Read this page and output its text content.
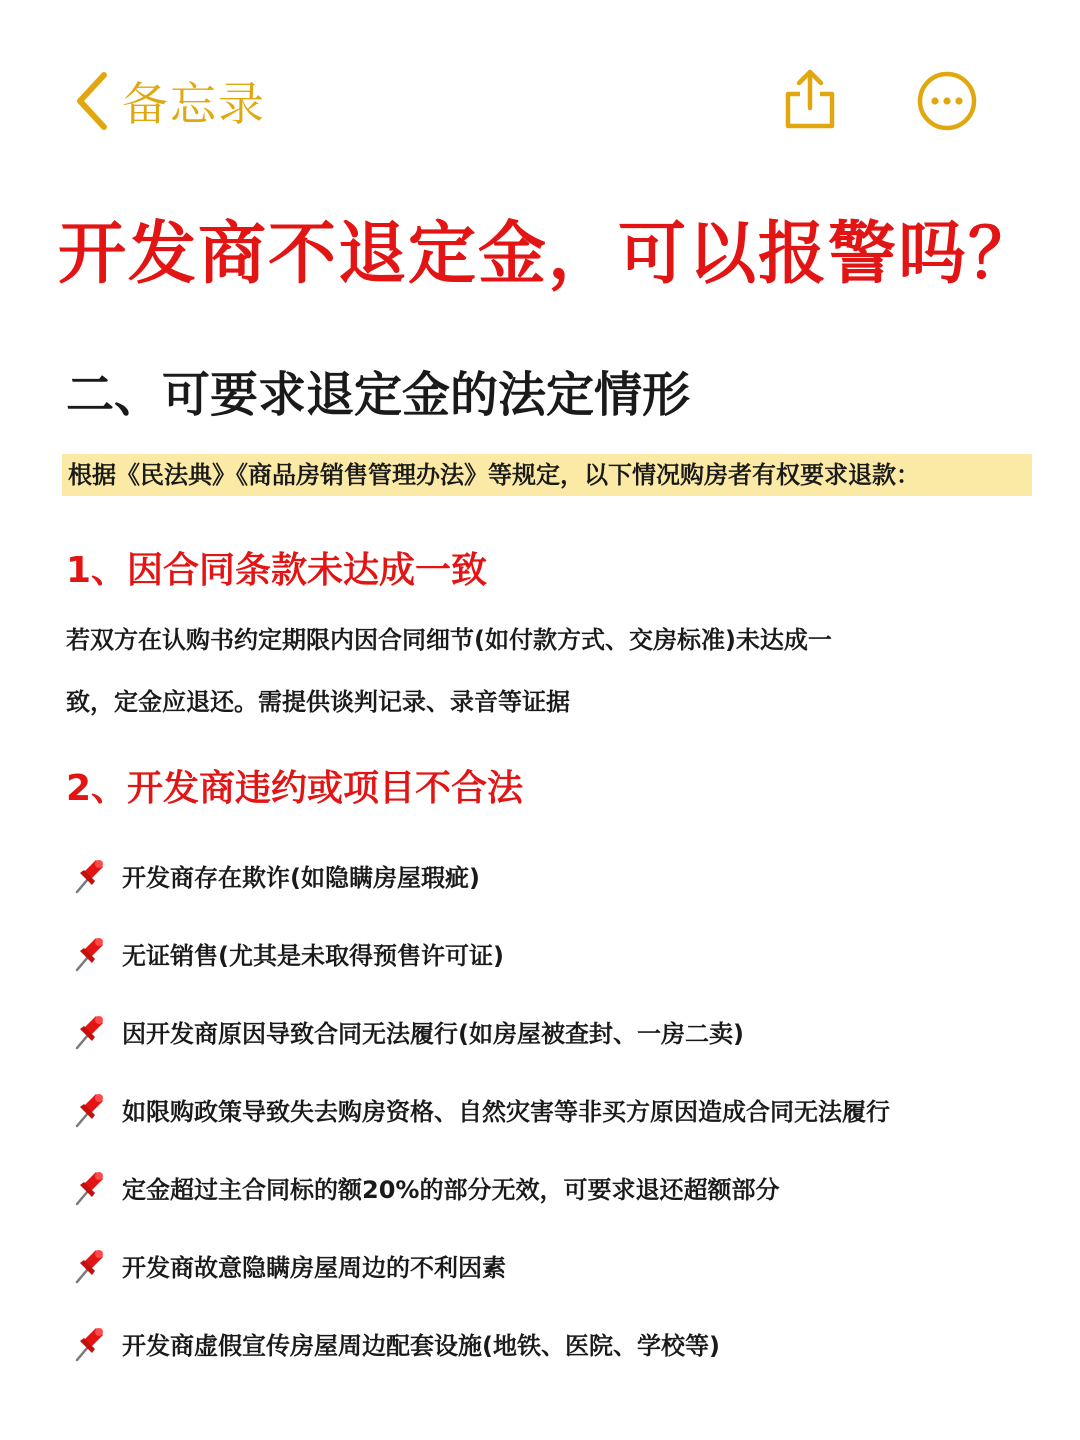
备忘录
开发商不退定金，可以报警吗？
二、可要求退定金的法定情形
根据《民法典》《商品房销售管理办法》等规定，以下情况购房者有权要求退款：
1、因合同条款未达成一致
若双方在认购书约定期限内因合同细节(如付款方式、交房标准)未达成一
致，定金应退还。需提供谈判记录、录音等证据
2、开发商违约或项目不合法
开发商存在欺诈(如隐瞒房屋瑕疵)
无证销售(尤其是未取得预售许可证)
因开发商原因导致合同无法履行(如房屋被查封、一房二卖)
如限购政策导致失去购房资格、自然灾害等非买方原因造成合同无法履行
定金超过主合同标的额20%的部分无效，可要求退还超额部分
开发商故意隐瞒房屋周边的不利因素
开发商虚假宣传房屋周边配套设施(地铁、医院、学校等)
